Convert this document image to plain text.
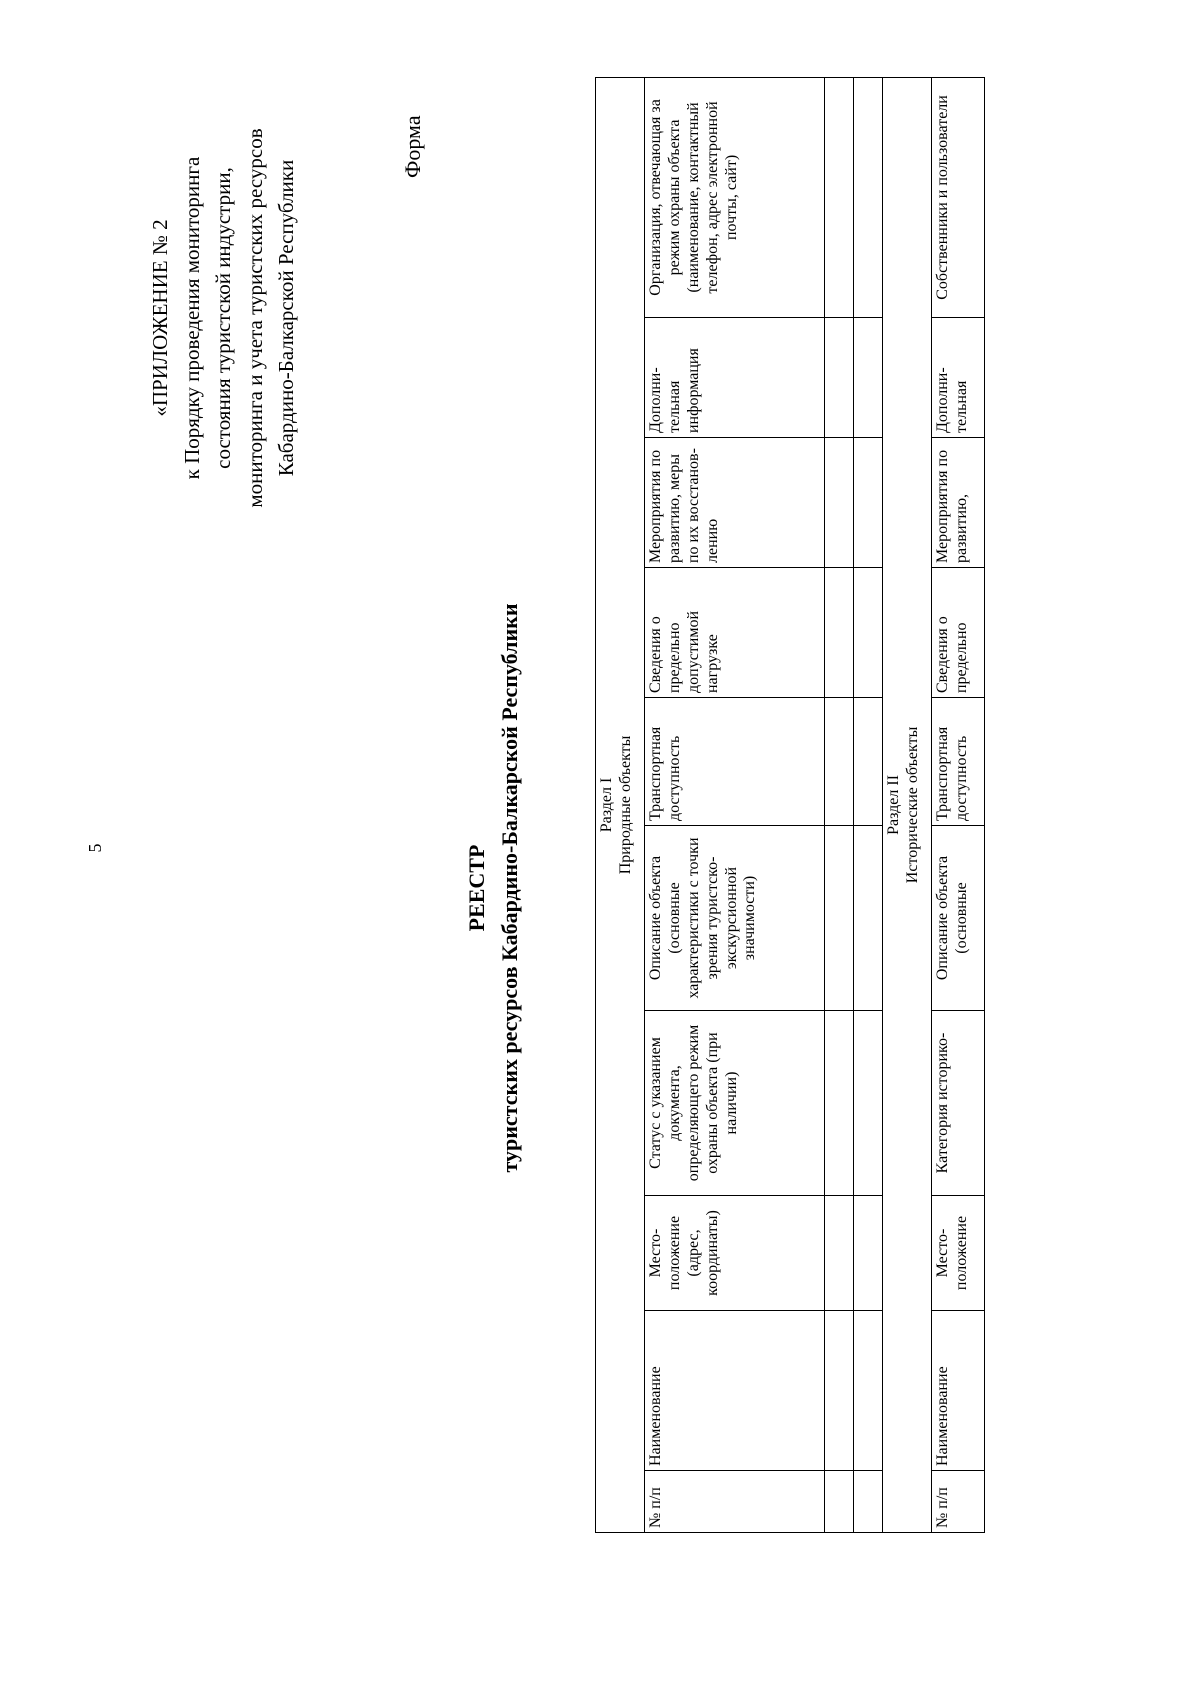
5
«ПРИЛОЖЕНИЕ № 2 к Порядку проведения мониторинга состояния туристской индустрии, мониторинга и учета туристских ресурсов Кабардино-Балкарской Республики
Форма
РЕЕСТР туристских ресурсов Кабардино-Балкарской Республики	Раздел I Природные объекты									

№ п/п	Наименование	Место-положение (адрес, координаты)	Статус с указанием документа, определяющего режим охраны объекта (при наличии)	Описание объекта (основные характеристики с точки зрения туристско-экскурсионной значимости)	Транспортная доступность	Сведения о предельно допустимой нагрузке	Мероприятия по развитию, меры по их восстанов-лению	Дополни-тельная информация	Организация, отвечающая за режим охраны объекта (наименование, контактный телефон, адрес электронной почты, сайт)

Раздел II Исторические объекты									

№ п/п	Наименование	Место-положение	Категория историко-	Описание объекта (основные	Транспортная доступность	Сведения о предельно	Мероприятия по развитию,	Дополни-тельная	Собственники и пользователи
